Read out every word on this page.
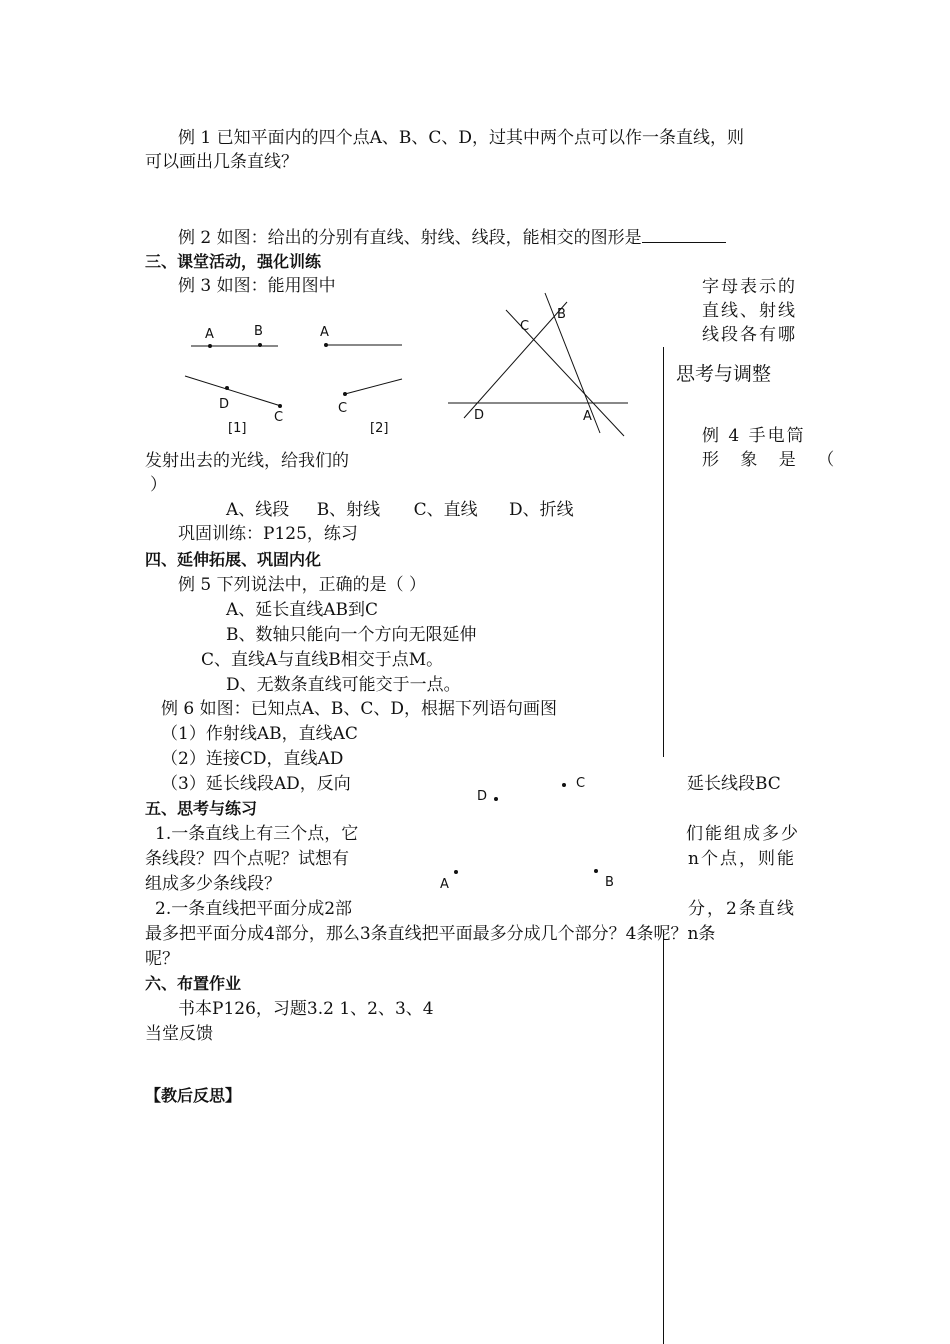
例 1 已知平面内的四个点A、B、C、D，过其中两个点可以作一条直线，则
可以画出几条直线？
例 2 如图：给出的分别有直线、射线、线段，能相交的图形是
三、课堂活动，强化训练
例 3 如图：能用图中	字母表示的
直线、射线
线段各有哪
思考与调整
例 4 手电筒
形 象 是 （
发射出去的光线，给我们的
）
A、线段 B、射线 C、直线 D、折线
巩固训练：P125，练习
四、延伸拓展、巩固内化
例 5 下列说法中，正确的是（ ）
A、延长直线AB到C
B、数轴只能向一个方向无限延伸
C、直线A与直线B相交于点M。
D、无数条直线可能交于一点。
例 6 如图：已知点A、B、C、D，根据下列语句画图
（1）作射线AB，直线AC
（2）连接CD，直线AD
（3）延长线段AD，反向	延长线段BC
五、思考与练习
1.一条直线上有三个点，它	们能组成多少
条线段？四个点呢？试想有	n个点，则能
组成多少条线段？
2.一条直线把平面分成2部	分，2条直线
最多把平面分成4部分，那么3条直线把平面最多分成几个部分？4条呢？n条
呢？
六、布置作业
书本P126，习题3.2 1、2、3、4
当堂反馈
【教后反思】
A	B
D
C
[1]
A
C
[2]
C
B
D	A
D
C
A	B
